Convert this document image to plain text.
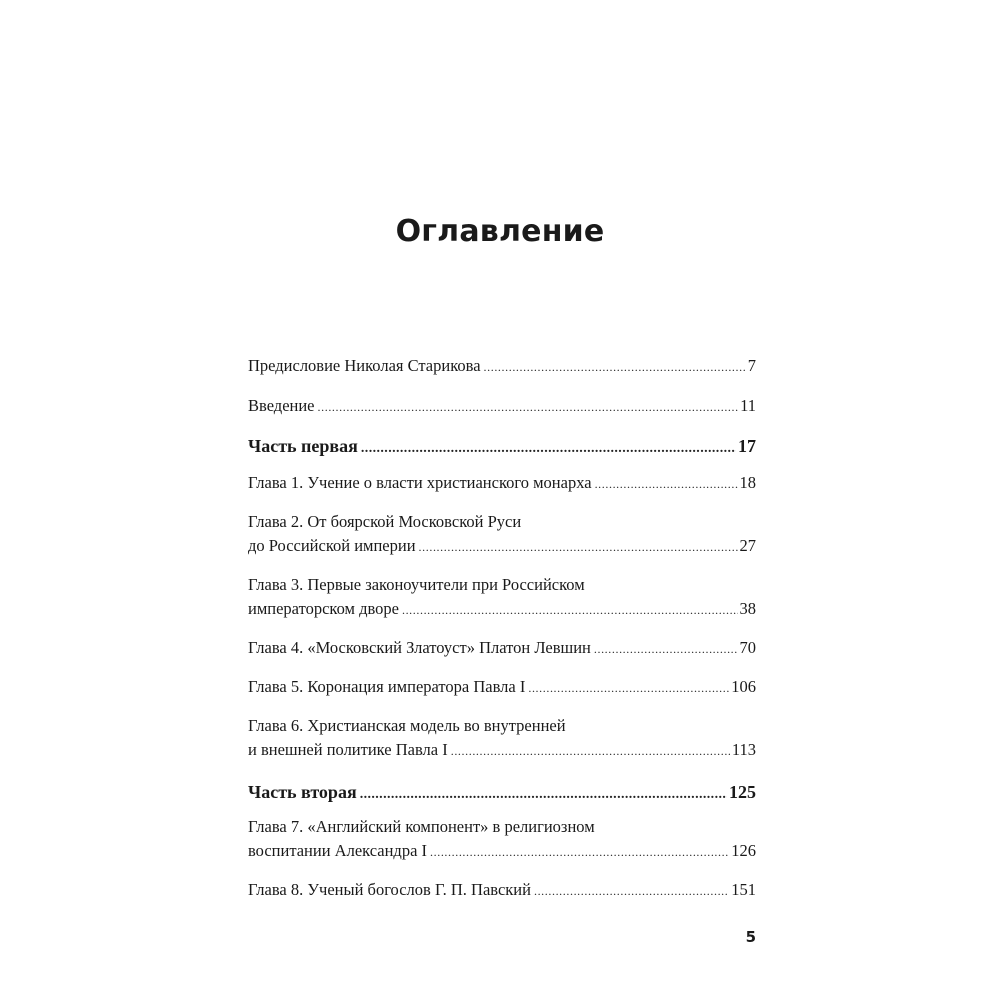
Оглавление
Предисловие Николая Старикова .....	7
Введение .....	11
Часть первая .....	17
Глава 1. Учение о власти христианского монарха .....	18
Глава 2. От боярской Московской Руси
до Российской империи .....	27
Глава 3. Первые законоучители при Российском
императорском дворе .....	38
Глава 4. «Московский Златоуст» Платон Левшин .....	70
Глава 5. Коронация императора Павла I .....	106
Глава 6. Христианская модель во внутренней
и внешней политике Павла I .....	113
Часть вторая .....	125
Глава 7. «Английский компонент» в религиозном
воспитании Александра I .....	126
Глава 8. Ученый богослов Г. П. Павский .....	151
5
